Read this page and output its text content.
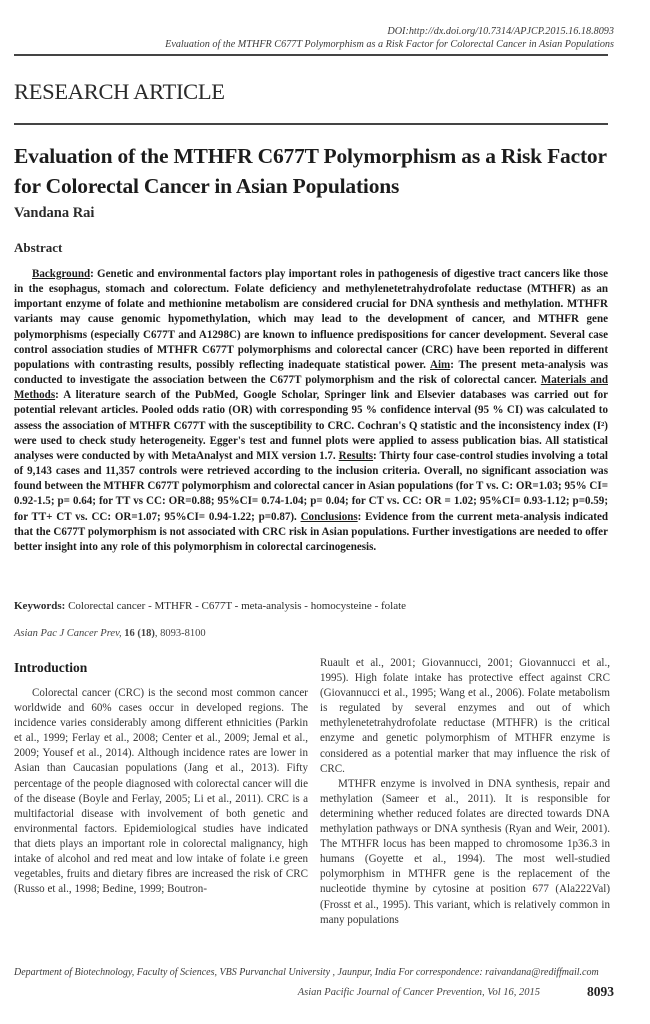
DOI:http://dx.doi.org/10.7314/APJCP.2015.16.18.8093
Evaluation of the MTHFR C677T Polymorphism as a Risk Factor for Colorectal Cancer in Asian Populations
RESEARCH ARTICLE
Evaluation of the MTHFR C677T Polymorphism as a Risk Factor for Colorectal Cancer in Asian Populations
Vandana Rai
Abstract
Background: Genetic and environmental factors play important roles in pathogenesis of digestive tract cancers like those in the esophagus, stomach and colorectum. Folate deficiency and methylenetetrahydrofolate reductase (MTHFR) as an important enzyme of folate and methionine metabolism are considered crucial for DNA synthesis and methylation. MTHFR variants may cause genomic hypomethylation, which may lead to the development of cancer, and MTHFR gene polymorphisms (especially C677T and A1298C) are known to influence predispositions for cancer development. Several case control association studies of MTHFR C677T polymorphisms and colorectal cancer (CRC) have been reported in different populations with contrasting results, possibly reflecting inadequate statistical power. Aim: The present meta-analysis was conducted to investigate the association between the C677T polymorphism and the risk of colorectal cancer. Materials and Methods: A literature search of the PubMed, Google Scholar, Springer link and Elsevier databases was carried out for potential relevant articles. Pooled odds ratio (OR) with corresponding 95 % confidence interval (95 % CI) was calculated to assess the association of MTHFR C677T with the susceptibility to CRC. Cochran's Q statistic and the inconsistency index (I²) were used to check study heterogeneity. Egger's test and funnel plots were applied to assess publication bias. All statistical analyses were conducted by with MetaAnalyst and MIX version 1.7. Results: Thirty four case-control studies involving a total of 9,143 cases and 11,357 controls were retrieved according to the inclusion criteria. Overall, no significant association was found between the MTHFR C677T polymorphism and colorectal cancer in Asian populations (for T vs. C: OR=1.03; 95% CI= 0.92-1.5; p= 0.64; for TT vs CC: OR=0.88; 95%CI= 0.74-1.04; p= 0.04; for CT vs. CC: OR = 1.02; 95%CI= 0.93-1.12; p=0.59; for TT+ CT vs. CC: OR=1.07; 95%CI= 0.94-1.22; p=0.87). Conclusions: Evidence from the current meta-analysis indicated that the C677T polymorphism is not associated with CRC risk in Asian populations. Further investigations are needed to offer better insight into any role of this polymorphism in colorectal carcinogenesis.
Keywords: Colorectal cancer - MTHFR - C677T - meta-analysis - homocysteine - folate
Asian Pac J Cancer Prev, 16 (18), 8093-8100
Introduction

Colorectal cancer (CRC) is the second most common cancer worldwide and 60% cases occur in developed regions. The incidence varies considerably among different ethnicities (Parkin et al., 1999; Ferlay et al., 2008; Center et al., 2009; Jemal et al., 2009; Yousef et al., 2014). Although incidence rates are lower in Asian than Caucasian populations (Jang et al., 2013). Fifty percentage of the people diagnosed with colorectal cancer will die of the disease (Boyle and Ferlay, 2005; Li et al., 2011). CRC is a multifactorial disease with involvement of both genetic and environmental factors. Epidemiological studies have indicated that diets plays an important role in colorectal malignancy, high intake of alcohol and red meat and low intake of folate i.e green vegetables, fruits and dietary fibres are increased the risk of CRC (Russo et al., 1998; Bedine, 1999; Boutron-

Ruault et al., 2001; Giovannucci, 2001; Giovannucci et al., 1995). High folate intake has protective effect against CRC (Giovannucci et al., 1995; Wang et al., 2006). Folate metabolism is regulated by several enzymes and out of which methylenetetrahydrofolate reductase (MTHFR) is the critical enzyme and genetic polymorphism of MTHFR enzyme is considered as a potential marker that may influence the risk of CRC.

MTHFR enzyme is involved in DNA synthesis, repair and methylation (Sameer et al., 2011). It is responsible for determining whether reduced folates are directed towards DNA methylation pathways or DNA synthesis (Ryan and Weir, 2001). The MTHFR locus has been mapped to chromosome 1p36.3 in humans (Goyette et al., 1994). The most well-studied polymorphism in MTHFR gene is the replacement of the nucleotide thymine by cytosine at position 677 (Ala222Val) (Frosst et al., 1995). This variant, which is relatively common in many populations

Department of Biotechnology, Faculty of Sciences, VBS Purvanchal University , Jaunpur, India For correspondence: raivandana@rediffmail.com
Asian Pacific Journal of Cancer Prevention, Vol 16, 2015	8093
